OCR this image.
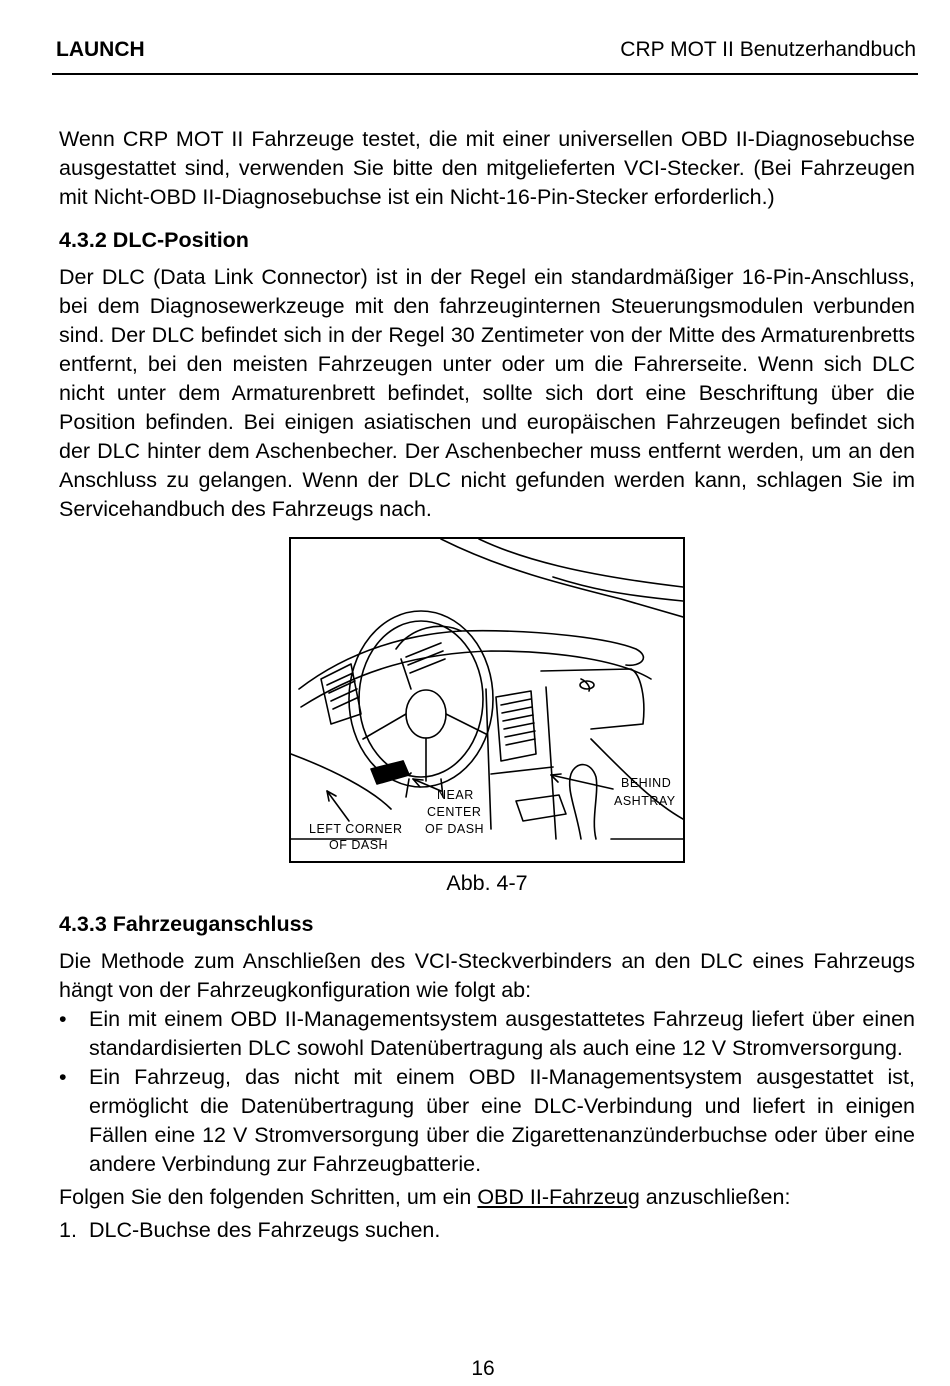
LAUNCH	CRP MOT II Benutzerhandbuch

Wenn CRP MOT II Fahrzeuge testet, die mit einer universellen OBD II-Diagnosebuchse ausgestattet sind, verwenden Sie bitte den mitgelieferten VCI-Stecker. (Bei Fahrzeugen mit Nicht-OBD II-Diagnosebuchse ist ein Nicht-16-Pin-Stecker erforderlich.)

4.3.2 DLC-Position

Der DLC (Data Link Connector) ist in der Regel ein standardmäßiger 16-Pin-Anschluss, bei dem Diagnosewerkzeuge mit den fahrzeuginternen Steuerungsmodulen verbunden sind. Der DLC befindet sich in der Regel 30 Zentimeter von der Mitte des Armaturenbretts entfernt, bei den meisten Fahrzeugen unter oder um die Fahrerseite. Wenn sich DLC nicht unter dem Armaturenbrett befindet, sollte sich dort eine Beschriftung über die Position befinden. Bei einigen asiatischen und europäischen Fahrzeugen befindet sich der DLC hinter dem Aschenbecher. Der Aschenbecher muss entfernt werden, um an den Anschluss zu gelangen. Wenn der DLC nicht gefunden werden kann, schlagen Sie im Servicehandbuch des Fahrzeugs nach.

LEFT CORNER
OF DASH
NEAR
CENTER
OF DASH
BEHIND
ASHTRAY
Abb. 4-7
4.3.3 Fahrzeuganschluss

Die Methode zum Anschließen des VCI-Steckverbinders an den DLC eines Fahrzeugs hängt von der Fahrzeugkonfiguration wie folgt ab:

• Ein mit einem OBD II-Managementsystem ausgestattetes Fahrzeug liefert über einen standardisierten DLC sowohl Datenübertragung als auch eine 12 V Stromversorgung.
• Ein Fahrzeug, das nicht mit einem OBD II-Managementsystem ausgestattet ist, ermöglicht die Datenübertragung über eine DLC-Verbindung und liefert in einigen Fällen eine 12 V Stromversorgung über die Zigarettenanzünderbuchse oder über eine andere Verbindung zur Fahrzeugbatterie.

Folgen Sie den folgenden Schritten, um ein OBD II-Fahrzeug anzuschließen:

1. DLC-Buchse des Fahrzeugs suchen.
16
